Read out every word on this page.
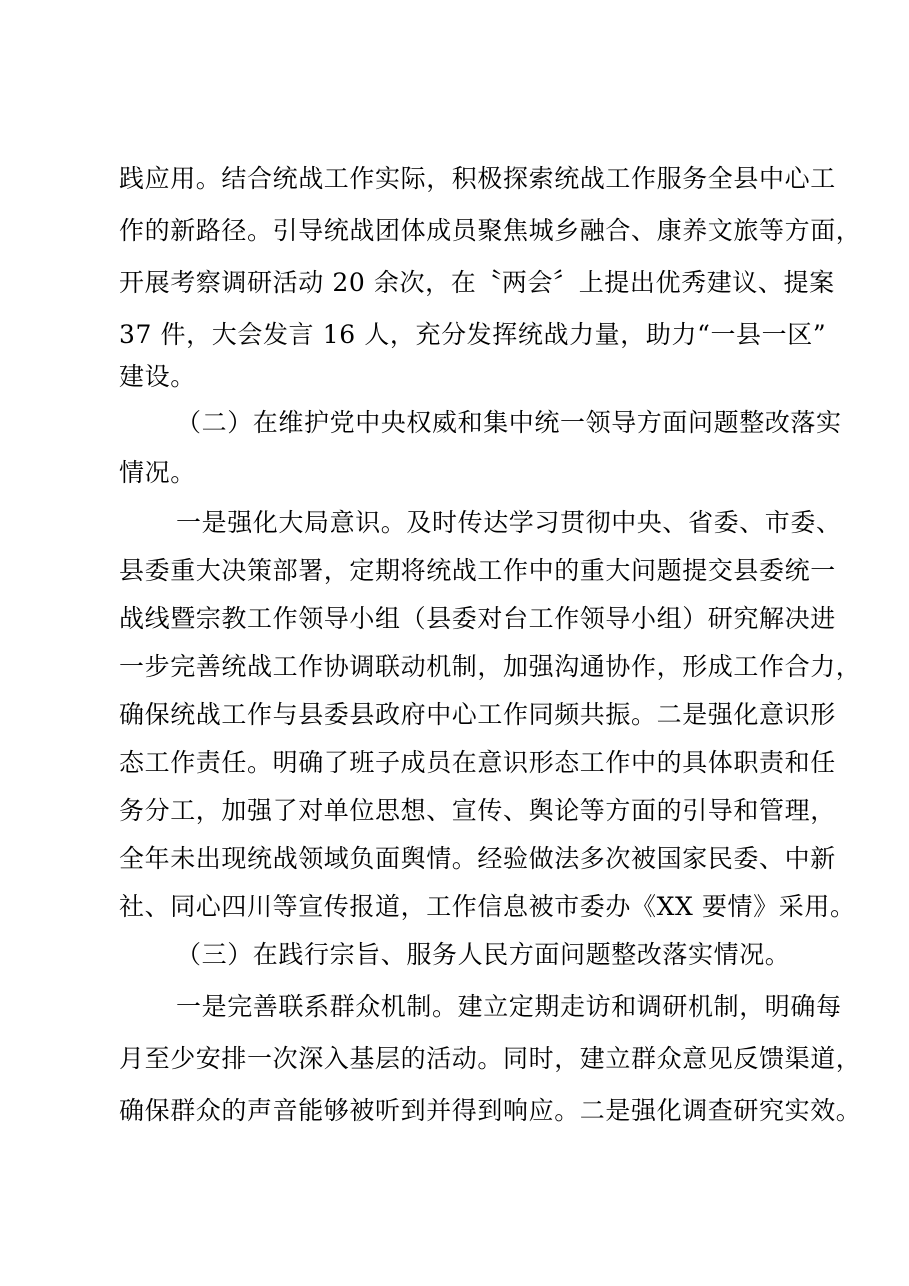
践应用。结合统战工作实际，积极探索统战工作服务全县中心工
作的新路径。引导统战团体成员聚焦城乡融合、康养文旅等方面，
开展考察调研活动 20 余次，在〝两会〞上提出优秀建议、提案
37 件，大会发言 16 人，充分发挥统战力量，助力“一县一区”
建设。
（二）在维护党中央权威和集中统一领导方面问题整改落实
情况。
一是强化大局意识。及时传达学习贯彻中央、省委、市委、
县委重大决策部署，定期将统战工作中的重大问题提交县委统一
战线暨宗教工作领导小组（县委对台工作领导小组）研究解决进
一步完善统战工作协调联动机制，加强沟通协作，形成工作合力，
确保统战工作与县委县政府中心工作同频共振。二是强化意识形
态工作责任。明确了班子成员在意识形态工作中的具体职责和任
务分工，加强了对单位思想、宣传、舆论等方面的引导和管理，
全年未出现统战领域负面舆情。经验做法多次被国家民委、中新
社、同心四川等宣传报道，工作信息被市委办《XX 要情》采用。
（三）在践行宗旨、服务人民方面问题整改落实情况。
一是完善联系群众机制。建立定期走访和调研机制，明确每
月至少安排一次深入基层的活动。同时，建立群众意见反馈渠道，
确保群众的声音能够被听到并得到响应。二是强化调查研究实效。
